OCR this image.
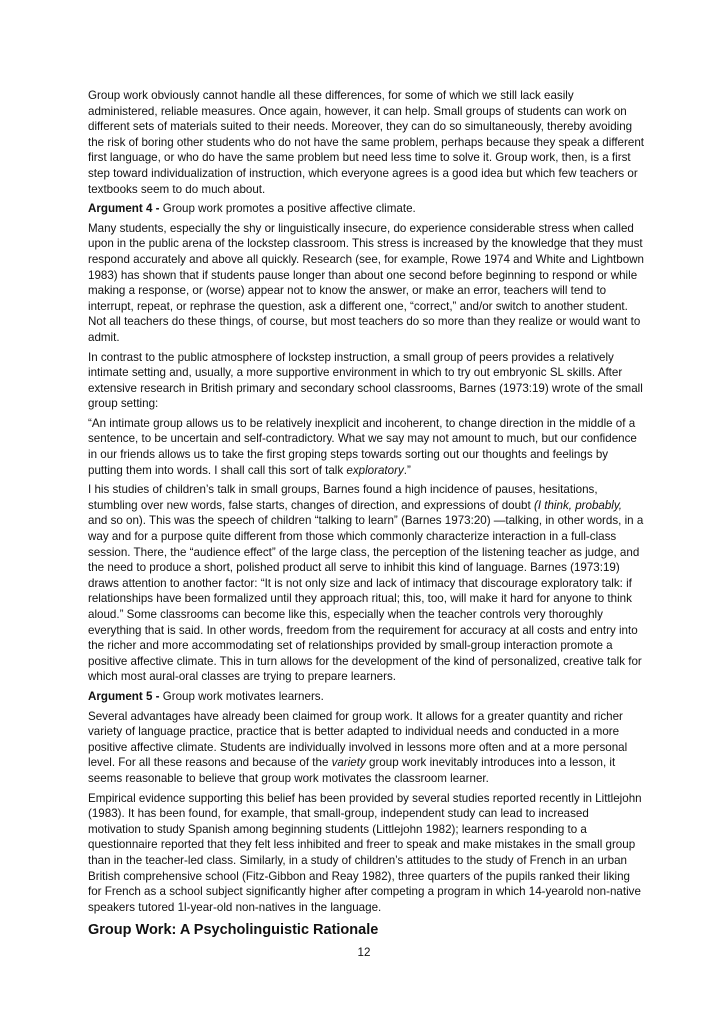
Group work obviously cannot handle all these differences, for some of which we still lack easily administered, reliable measures. Once again, however, it can help. Small groups of students can work on different sets of materials suited to their needs. Moreover, they can do so simultaneously, thereby avoiding the risk of boring other students who do not have the same problem, perhaps because they speak a different first language, or who do have the same problem but need less time to solve it. Group work, then, is a first step toward individualization of instruction, which everyone agrees is a good idea but which few teachers or textbooks seem to do much about.

Argument 4 - Group work promotes a positive affective climate.

Many students, especially the shy or linguistically insecure, do experience considerable stress when called upon in the public arena of the lockstep classroom. This stress is increased by the knowledge that they must respond accurately and above all quickly. Research (see, for example, Rowe 1974 and White and Lightbown 1983) has shown that if students pause longer than about one second before beginning to respond or while making a response, or (worse) appear not to know the answer, or make an error, teachers will tend to interrupt, repeat, or rephrase the question, ask a different one, “correct,” and/or switch to another student. Not all teachers do these things, of course, but most teachers do so more than they realize or would want to admit.

In contrast to the public atmosphere of lockstep instruction, a small group of peers provides a relatively intimate setting and, usually, a more supportive environment in which to try out embryonic SL skills. After extensive research in British primary and secondary school classrooms, Barnes (1973:19) wrote of the small group setting:

“An intimate group allows us to be relatively inexplicit and incoherent, to change direction in the middle of a sentence, to be uncertain and self-contradictory. What we say may not amount to much, but our confidence in our friends allows us to take the first groping steps towards sorting out our thoughts and feelings by putting them into words. I shall call this sort of talk exploratory.”

I his studies of children’s talk in small groups, Barnes found a high incidence of pauses, hesitations, stumbling over new words, false starts, changes of direction, and expressions of doubt (I think, probably, and so on). This was the speech of children “talking to learn” (Barnes 1973:20) —talking, in other words, in a way and for a purpose quite different from those which commonly characterize interaction in a full-class session. There, the “audience effect” of the large class, the perception of the listening teacher as judge, and the need to produce a short, polished product all serve to inhibit this kind of language. Barnes (1973:19) draws attention to another factor: “It is not only size and lack of intimacy that discourage exploratory talk: if relationships have been formalized until they approach ritual; this, too, will make it hard for anyone to think aloud.” Some classrooms can become like this, especially when the teacher controls very thoroughly everything that is said. In other words, freedom from the requirement for accuracy at all costs and entry into the richer and more accommodating set of relationships provided by small-group interaction promote a positive affective climate. This in turn allows for the development of the kind of personalized, creative talk for which most aural-oral classes are trying to prepare learners.

Argument 5 - Group work motivates learners.

Several advantages have already been claimed for group work. It allows for a greater quantity and richer variety of language practice, practice that is better adapted to individual needs and conducted in a more positive affective climate. Students are individually involved in lessons more often and at a more personal level. For all these reasons and because of the variety group work inevitably introduces into a lesson, it seems reasonable to believe that group work motivates the classroom learner.

Empirical evidence supporting this belief has been provided by several studies reported recently in Littlejohn (1983). It has been found, for example, that small-group, independent study can lead to increased motivation to study Spanish among beginning students (Littlejohn 1982); learners responding to a questionnaire reported that they felt less inhibited and freer to speak and make mistakes in the small group than in the teacher-led class. Similarly, in a study of children’s attitudes to the study of French in an urban British comprehensive school (Fitz-Gibbon and Reay 1982), three quarters of the pupils ranked their liking for French as a school subject significantly higher after competing a program in which 14-yearold non-native speakers tutored 1l-year-old non-natives in the language.

Group Work: A Psycholinguistic Rationale
12
